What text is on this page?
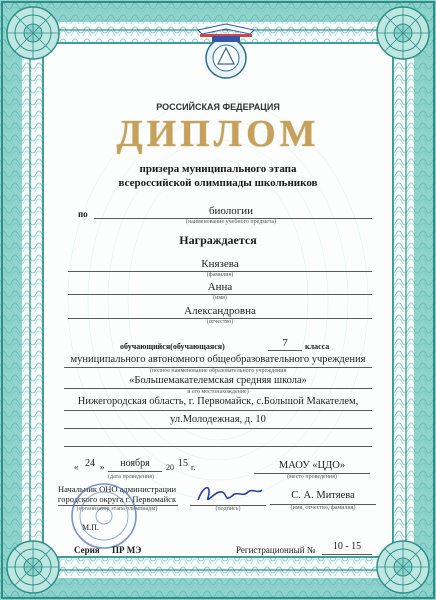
РОССИЙСКАЯ ФЕДЕРАЦИЯ
ДИПЛОМ
призера муниципального этапа
всероссийской олимпиады школьников
по	биологии
(наименование учебного предмета)
Награждается
Князева
(фамилия)
Анна
(имя)
Александровна
(отчество)
обучающийся(обучающаяся)	7	класса
муниципального автономного общеобразовательного учреждения
(полное наименование образовательного учреждения
«Большемакателемская средняя школа»
и его местонахождение)
Нижегородская область, г. Первомайск, с.Большой Макателем,
ул.Молодежная, д. 10
« 24 »	ноября	20 15 г.
(дата проведения)
МАОУ «ЦДО»
(место проведения)
Начальник ОНО администрации
городского округа г. Первомайск
(организатор этапа олимпиады)
М.П.
(подпись)
С. А. Митяева
(имя, отчество, фамилия)
Серия ПР МЭ	Регистрационный №	10 - 15
